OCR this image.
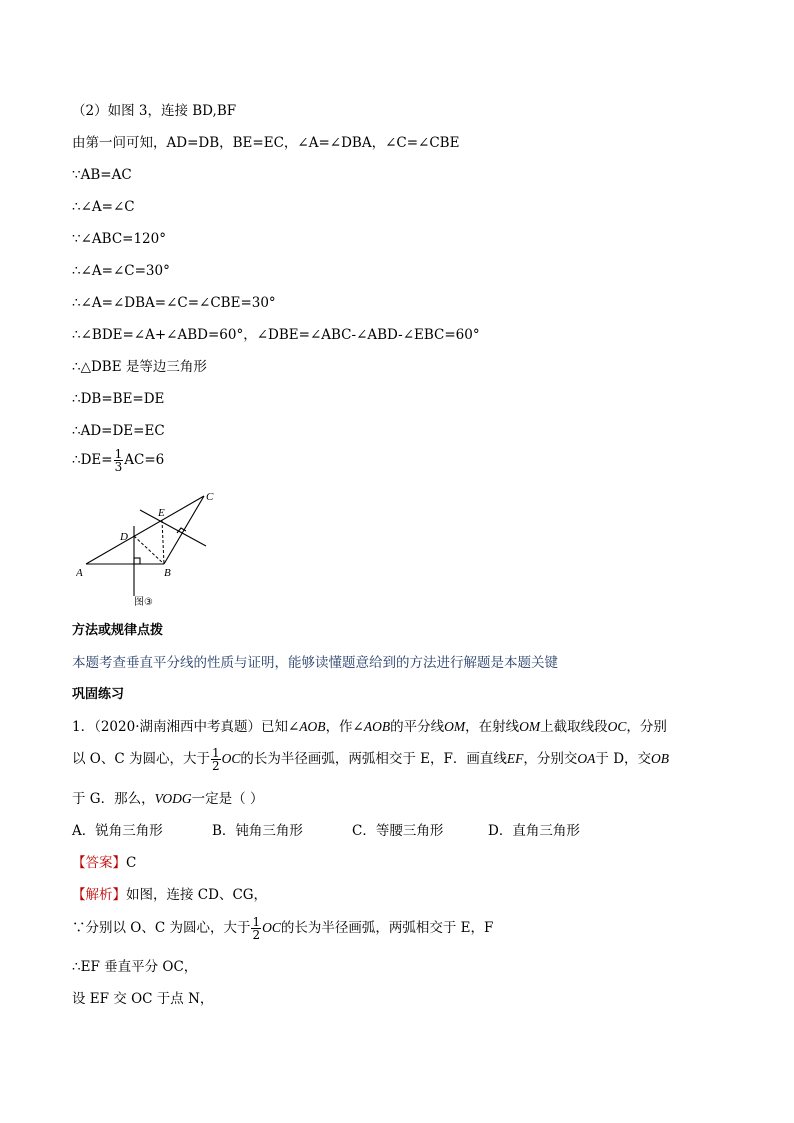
（2）如图 3，连接 BD,BF
由第一问可知，AD=DB，BE=EC，∠A=∠DBA，∠C=∠CBE
∵AB=AC
∴∠A=∠C
∵∠ABC=120°
∴∠A=∠C=30°
∴∠A=∠DBA=∠C=∠CBE=30°
∴∠BDE=∠A+∠ABD=60°，∠DBE=∠ABC-∠ABD-∠EBC=60°
∴△DBE 是等边三角形
∴DB=BE=DE
∴AD=DE=EC
∴DE= $\frac{1}{3} AC=6$
A	B
C
D
E
图③
方法或规律点拨
本题考查垂直平分线的性质与证明，能够读懂题意给到的方法进行解题是本题关键
巩固练习
1．（2020·湖南湘西中考真题）已知∠AOB，作∠AOB的平分线OM，在射线OM上截取线段OC，分别
以 O、C 为圆心，大于 $\frac{1}{2}$ OC的长为半径画弧，两弧相交于 E，F．画直线EF，分别交OA于 D，交OB
于 G．那么，VODG一定是（ ）
A．锐角三角形	B．钝角三角形	C．等腰三角形	D．直角三角形
【答案】C
【解析】如图，连接 CD、CG，
∵分别以 O、C 为圆心，大于 $\frac{1}{2}$ OC的长为半径画弧，两弧相交于 E，F
∴EF 垂直平分 OC，
设 EF 交 OC 于点 N，
